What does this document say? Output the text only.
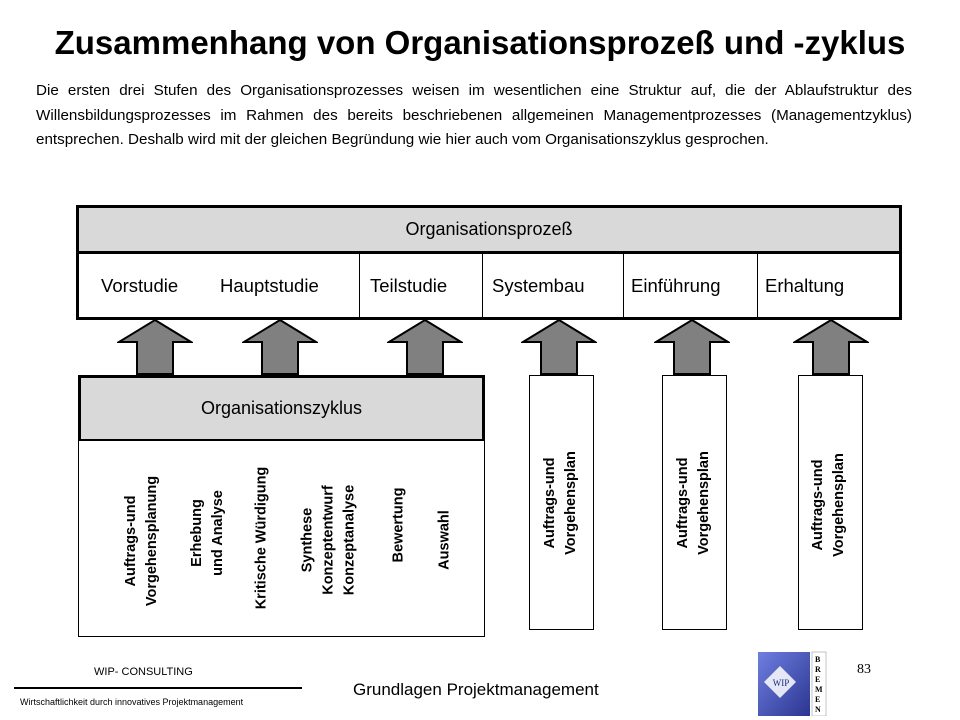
Zusammenhang von Organisationsprozeß und -zyklus

Die ersten drei Stufen des Organisationsprozesses weisen im wesentlichen eine Struktur auf, die der Ablaufstruktur des Willensbildungsprozesses im Rahmen des bereits beschriebenen allgemeinen Managementprozesses (Managementzyklus) entsprechen. Deshalb wird mit der gleichen Begründung wie hier auch vom Organisationszyklus gesprochen.

Organisationsprozeß
Vorstudie Hauptstudie	Teilstudie Systembau	Einführung Erhaltung
Organisationszyklus
Auftrags-und Vorgehensplanung Erhebung und Analyse Kritische Würdigung Synthese Konzeptentwurf Konzeptanalyse Bewertung Auswahl	Auftrags-und Vorgehensplan	Auftrags-und Vorgehensplan	Auftrags-und Vorgehensplan
WIP- CONSULTING
Wirtschaftlichkeit durch innovatives Projektmanagement
Grundlagen Projektmanagement
83
WIP
B R E M E N
